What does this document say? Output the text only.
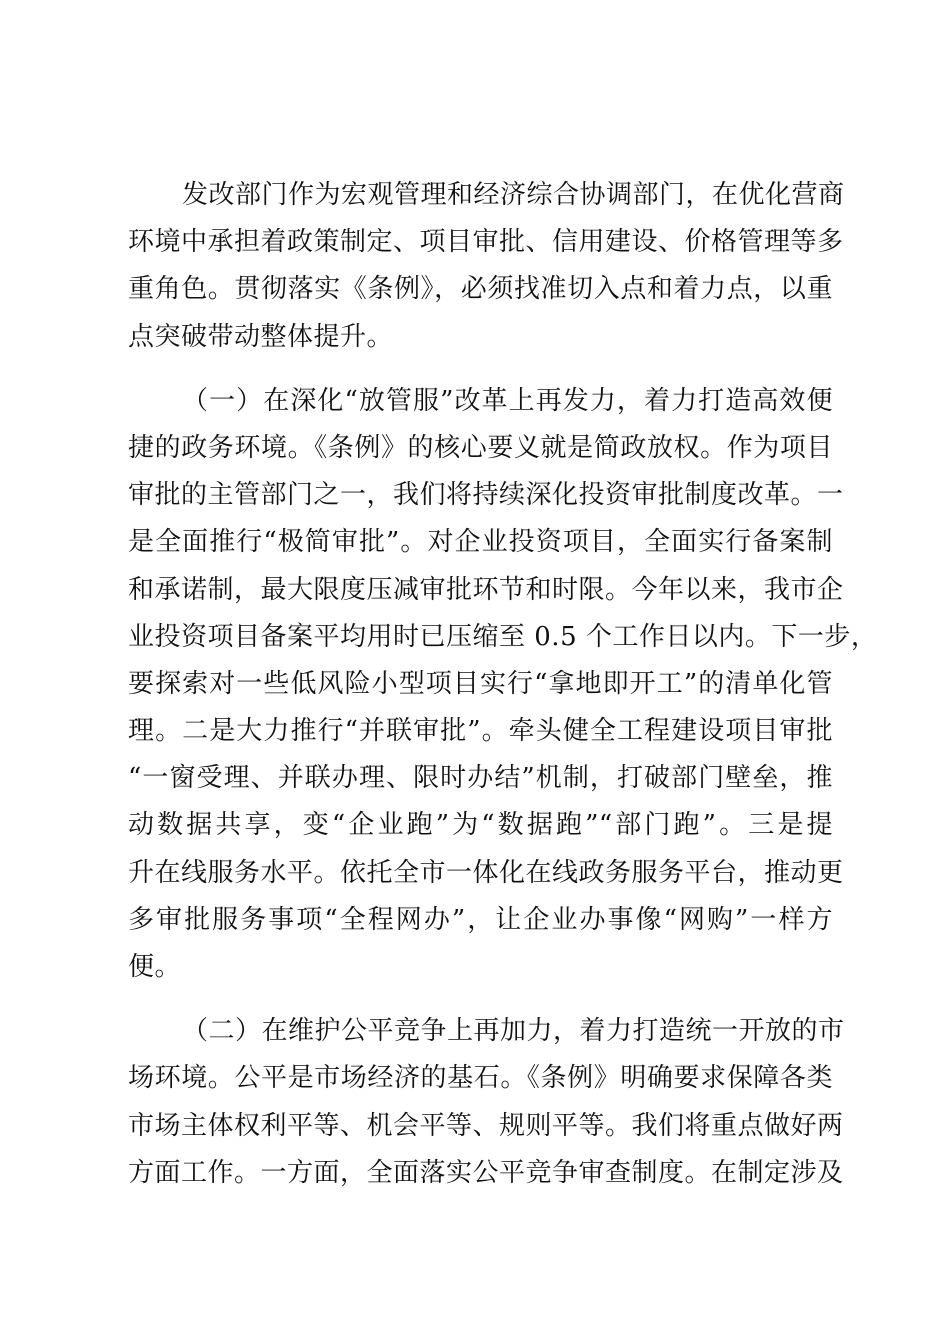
发改部门作为宏观管理和经济综合协调部门，在优化营商
环境中承担着政策制定、项目审批、信用建设、价格管理等多
重角色。贯彻落实《条例》，必须找准切入点和着力点，以重
点突破带动整体提升。
（一）在深化“放管服”改革上再发力，着力打造高效便
捷的政务环境。《条例》的核心要义就是简政放权。作为项目
审批的主管部门之一，我们将持续深化投资审批制度改革。一
是全面推行“极简审批”。对企业投资项目，全面实行备案制
和承诺制，最大限度压减审批环节和时限。今年以来，我市企
业投资项目备案平均用时已压缩至 0.5 个工作日以内。下一步，
要探索对一些低风险小型项目实行“拿地即开工”的清单化管
理。二是大力推行“并联审批”。牵头健全工程建设项目审批
“一窗受理、并联办理、限时办结”机制，打破部门壁垒，推
动数据共享，变“企业跑”为“数据跑”“部门跑”。三是提
升在线服务水平。依托全市一体化在线政务服务平台，推动更
多审批服务事项“全程网办”，让企业办事像“网购”一样方
便。
（二）在维护公平竞争上再加力，着力打造统一开放的市
场环境。公平是市场经济的基石。《条例》明确要求保障各类
市场主体权利平等、机会平等、规则平等。我们将重点做好两
方面工作。一方面，全面落实公平竞争审查制度。在制定涉及
